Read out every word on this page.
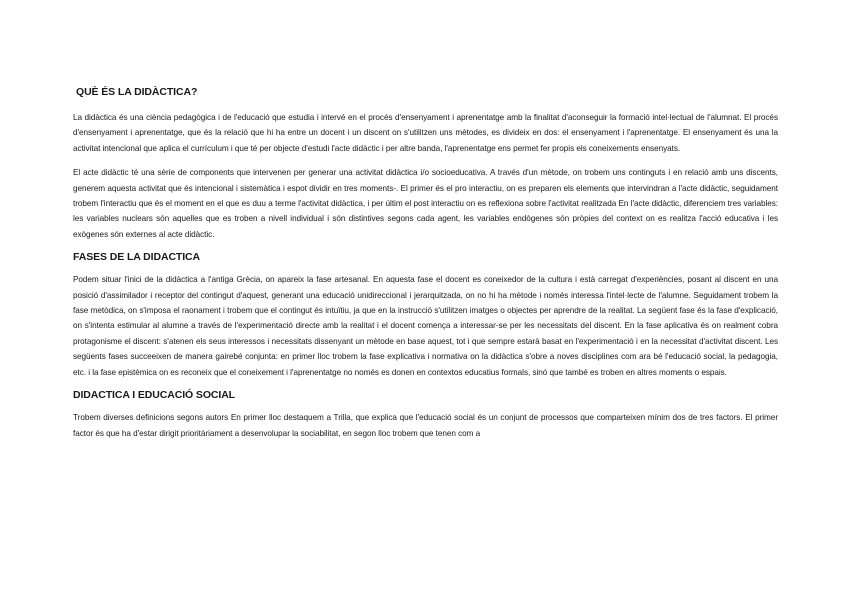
QUÈ ÉS LA DIDÀCTICA?

La didàctica és una ciència pedagògica i de l'educació que estudia i intervé en el procés d'ensenyament i aprenentatge amb la finalitat d'aconseguir la formació intel·lectual de l'alumnat. El procés d'ensenyament i aprenentatge, que és la relació que hi ha entre un docent i un discent on s'utilitzen uns mètodes, es divideix en dos: el ensenyament i l'aprenentatge. El ensenyament és una la activitat intencional que aplica el currículum i que té per objecte d'estudi l'acte didàctic i per altre banda, l'aprenentatge ens permet fer propis els coneixements ensenyats.

El acte didàctic té una sèrie de components que intervenen per generar una activitat didàctica i/o socioeducativa. A través d'un mètode, on trobem uns continguts i en relació amb uns discents, generem aquesta activitat que és intencional i sistemàtica i espot dividir en tres moments-. El primer és el pro interactiu, on es preparen els elements que intervindran a l'acte didàctic, seguidament trobem l'interactiu que és el moment en el que es duu a terme l'activitat didàctica, i per últim el post interactiu on es reflexiona sobre l'activitat realitzada En l'acte didàctic, diferenciem tres variables: les variables nuclears són aquelles que es troben a nivell individual i són distintives segons cada agent, les variables endògenes són pròpies del context on es realitza l'acció educativa i les exògenes són externes al acte didàctic.

FASES DE LA DIDACTICA

Podem situar l'inici de la didàctica a l'antiga Grècia, on apareix la fase artesanal. En aquesta fase el docent es coneixedor de la cultura i està carregat d'experiències, posant al discent en una posició d'assimilador i receptor del contingut d'aquest, generant una educació unidireccional i jerarquitzada, on no hi ha mètode i només interessa l'intel·lecte de l'alumne. Seguidament trobem la fase metòdica, on s'imposa el raonament i trobem que el contingut és intuïtiu, ja que en la instrucció s'utilitzen imatges o objectes per aprendre de la realitat. La següent fase és la fase d'explicació, on s'intenta estimular al alumne a través de l'experimentació directe amb la realitat i el docent comença a interessar-se per les necessitats del discent. En la fase aplicativa és on realment cobra protagonisme el discent: s'atenen els seus interessos i necessitats dissenyant un mètode en base aquest, tot i que sempre estarà basat en l'experimentació i en la necessitat d'activitat discent. Les següents fases succeeixen de manera gairebé conjunta: en primer lloc trobem la fase explicativa i normativa on la didàctica s'obre a noves disciplines com ara bé l'educació social, la pedagogia, etc. i la fase epistèmica on es reconeix que el coneixement i l'aprenentatge no només es donen en contextos educatius formals, sinó que també es troben en altres moments o espais.

DIDACTICA I EDUCACIÓ SOCIAL

Trobem diverses definicions segons autors En primer lloc destaquem a Trilla, que explica que l'educació social és un conjunt de processos que comparteixen mínim dos de tres factors. El primer factor és que ha d'estar dirigit prioritàriament a desenvolupar la sociabilitat, en segon lloc trobem que tenen com a
